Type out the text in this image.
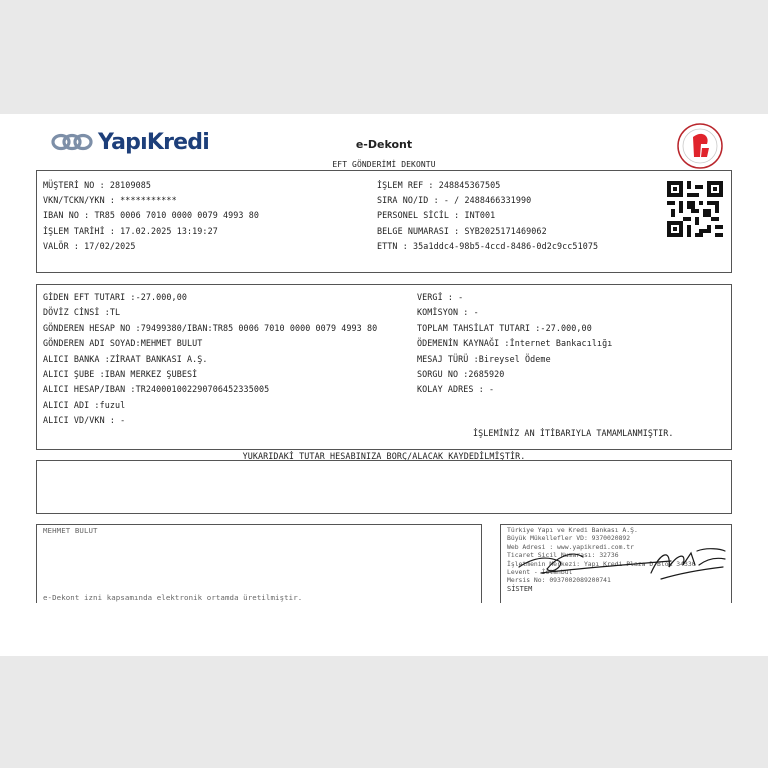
YapıKredi	e-Dekont
EFT GÖNDERİMİ DEKONTU
MÜŞTERİ NO : 28109085
VKN/TCKN/YKN : ***********
IBAN NO : TR85 0006 7010 0000 0079 4993 80
İŞLEM TARİHİ : 17.02.2025 13:19:27
VALÖR : 17/02/2025
İŞLEM REF : 248845367505
SIRA NO/ID : - / 2488466331990
PERSONEL SİCİL : INT001
BELGE NUMARASI : SYB2025171469062
ETTN : 35a1ddc4-98b5-4ccd-8486-0d2c9cc51075
GİDEN EFT TUTARI :-27.000,00
DÖVİZ CİNSİ :TL
GÖNDEREN HESAP NO :79499380/IBAN:TR85 0006 7010 0000 0079 4993 80
GÖNDEREN ADI SOYAD:MEHMET BULUT
ALICI BANKA :ZİRAAT BANKASI A.Ş.
ALICI ŞUBE :IBAN MERKEZ ŞUBESİ
ALICI HESAP/IBAN :TR240001002290706452335005
ALICI ADI :fuzul
ALICI VD/VKN : -
VERGİ : -
KOMİSYON : -
TOPLAM TAHSİLAT TUTARI :-27.000,00
ÖDEMENİN KAYNAĞI :İnternet Bankacılığı
MESAJ TÜRÜ :Bireysel Ödeme
SORGU NO :2685920
KOLAY ADRES : -
İŞLEMİNİZ AN İTİBARIYLA TAMAMLANMIŞTIR.
YUKARIDAKİ TUTAR HESABINIZA BORÇ/ALACAK KAYDEDİLMİŞTİR.
MEHMET BULUT
e-Dekont izni kapsamında elektronik ortamda üretilmiştir.
Türkiye Yapı ve Kredi Bankası A.Ş.
Büyük Mükellefler VD: 9370020892
Web Adresi : www.yapikredi.com.tr
Ticaret Sicil Numarası: 32736
İşletmenin Merkezi: Yapı Kredi Plaza D Blok 34330
Levent - İstanbul
Mersis No: 0937002089200741
SİSTEM
